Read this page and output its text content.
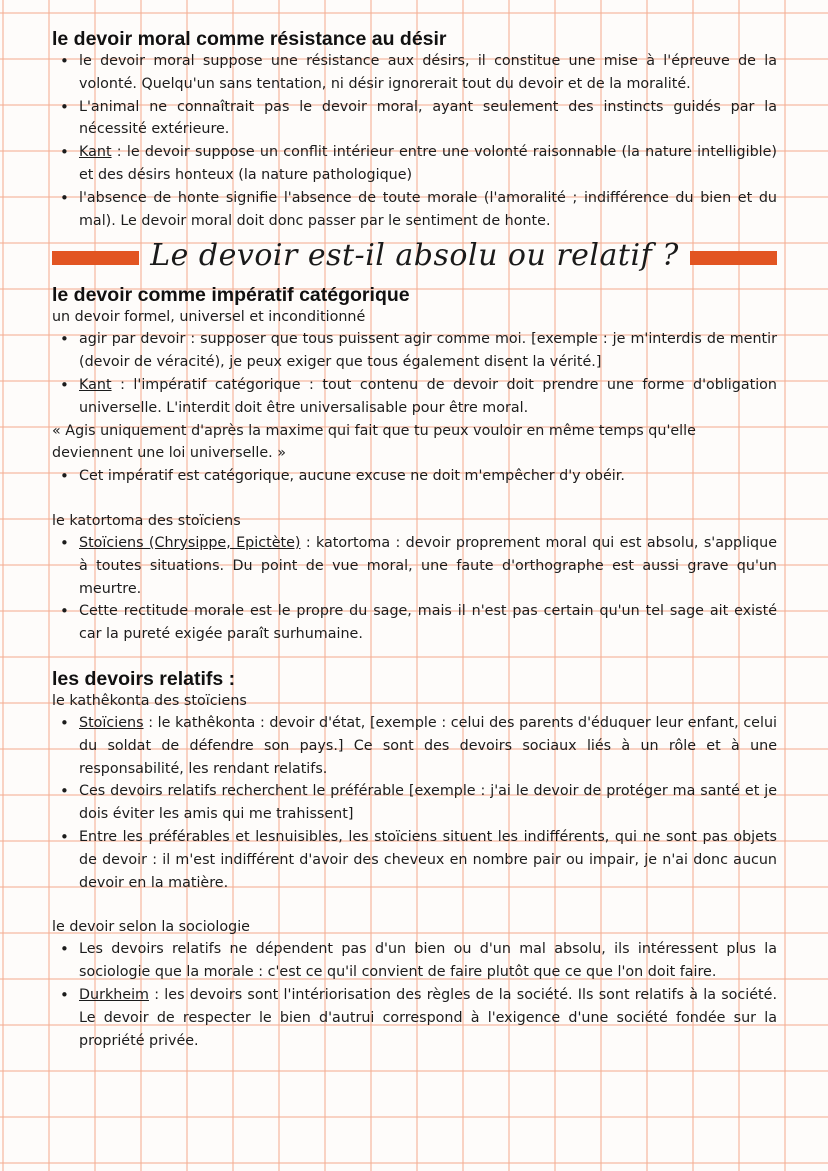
le devoir moral comme résistance au désir
• le devoir moral suppose une résistance aux désirs, il constitue une mise à l'épreuve de la volonté. Quelqu'un sans tentation, ni désir ignorerait tout du devoir et de la moralité.
• L'animal ne connaîtrait pas le devoir moral, ayant seulement des instincts guidés par la nécessité extérieure.
• Kant : le devoir suppose un conflit intérieur entre une volonté raisonnable (la nature intelligible) et des désirs honteux (la nature pathologique)
• l'absence de honte signifie l'absence de toute morale (l'amoralité ; indifférence du bien et du mal). Le devoir moral doit donc passer par le sentiment de honte.
Le devoir est-il absolu ou relatif ?
le devoir comme impératif catégorique

un devoir formel, universel et inconditionné

• agir par devoir : supposer que tous puissent agir comme moi. [exemple : je m'interdis de mentir (devoir de véracité), je peux exiger que tous également disent la vérité.]
• Kant : l'impératif catégorique : tout contenu de devoir doit prendre une forme d'obligation universelle. L'interdit doit être universalisable pour être moral.

« Agis uniquement d'après la maxime qui fait que tu peux vouloir en même temps qu'elle deviennent une loi universelle. »

• Cet impératif est catégorique, aucune excuse ne doit m'empêcher d'y obéir.

le katortoma des stoïciens

• Stoïciens (Chrysippe, Epictète) : katortoma : devoir proprement moral qui est absolu, s'applique à toutes situations. Du point de vue moral, une faute d'orthographe est aussi grave qu'un meurtre.
• Cette rectitude morale est le propre du sage, mais il n'est pas certain qu'un tel sage ait existé car la pureté exigée paraît surhumaine.
les devoirs relatifs :

le kathêkonta des stoïciens

• Stoïciens : le kathêkonta : devoir d'état, [exemple : celui des parents d'éduquer leur enfant, celui du soldat de défendre son pays.] Ce sont des devoirs sociaux liés à un rôle et à une responsabilité, les rendant relatifs.
• Ces devoirs relatifs recherchent le préférable [exemple : j'ai le devoir de protéger ma santé et je dois éviter les amis qui me trahissent]
• Entre les préférables et lesnuisibles, les stoïciens situent les indifférents, qui ne sont pas objets de devoir : il m'est indifférent d'avoir des cheveux en nombre pair ou impair, je n'ai donc aucun devoir en la matière.

le devoir selon la sociologie

• Les devoirs relatifs ne dépendent pas d'un bien ou d'un mal absolu, ils intéressent plus la sociologie que la morale : c'est ce qu'il convient de faire plutôt que ce que l'on doit faire.
• Durkheim : les devoirs sont l'intériorisation des règles de la société. Ils sont relatifs à la société. Le devoir de respecter le bien d'autrui correspond à l'exigence d'une société fondée sur la propriété privée.
